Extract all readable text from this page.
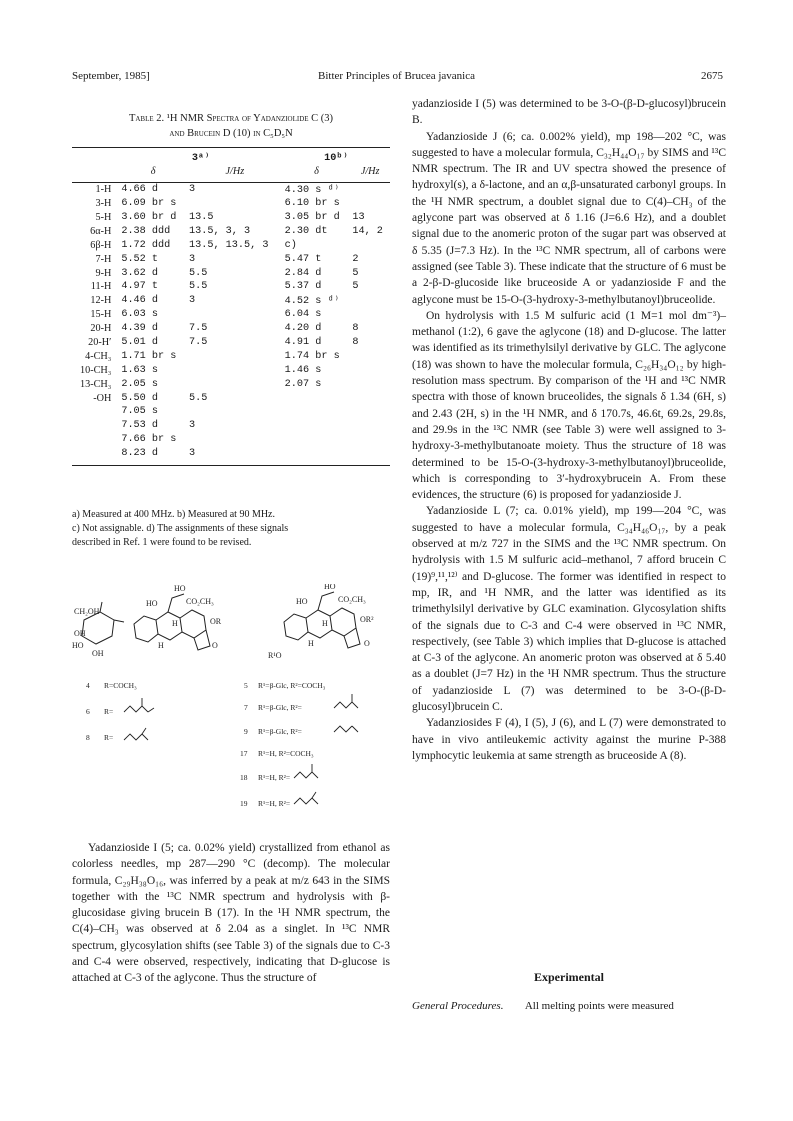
September, 1985]	Bitter Principles of Brucea javanica	2675
Table 2. ¹H NMR Spectra of Yadanziolide C (3)
and Brucein D (10) in C₅D₅N
	3ᵃ⁾		10ᵇ⁾	
	δ	J/Hz	δ	J/Hz
1-H	4.66 d	3	4.30 s ᵈ⁾	
3-H	6.09 br s		6.10 br s	
5-H	3.60 br d	13.5	3.05 br d	13
6α-H	2.38 ddd	13.5, 3, 3	2.30 dt	14, 2
6β-H	1.72 ddd	13.5, 13.5, 3	c)	
7-H	5.52 t	3	5.47 t	2
9-H	3.62 d	5.5	2.84 d	5
11-H	4.97 t	5.5	5.37 d	5
12-H	4.46 d	3	4.52 s ᵈ⁾	
15-H	6.03 s		6.04 s	
20-H	4.39 d	7.5	4.20 d	8
20-H′	5.01 d	7.5	4.91 d	8
4-CH₃	1.71 br s		1.74 br s	
10-CH₃	1.63 s		1.46 s	
13-CH₃	2.05 s		2.07 s	
-OH	5.50 d	5.5		
	7.05 s			
	7.53 d	3		
	7.66 br s			
	8.23 d	3		
a) Measured at 400 MHz. b) Measured at 90 MHz.
c) Not assignable. d) The assignments of these signals
described in Ref. 1 were found to be revised.
HO
HO	CO₂CH₃
CH₂OH
OH
HO
OH
OR
H
H	O
HO
HO	CO₂CH₃
OR²
R¹O
H
H	O
4 R=COCH₃
6 R=
8 R=
5 R¹=β-Glc, R²=COCH₃
7 R¹=β-Glc, R²=
9 R¹=β-Glc, R²=
17 R¹=H, R²=COCH₃
18 R¹=H, R²=
19 R¹=H, R²=
Yadanzioside I (5; ca. 0.02% yield) crystallized from ethanol as colorless needles, mp 287—290 °C (decomp). The molecular formula, C₂₉H₃₈O₁₆, was inferred by a peak at m/z 643 in the SIMS together with the ¹³C NMR spectrum and hydrolysis with β-glucosidase giving brucein B (17). In the ¹H NMR spectrum, the C(4)–CH₃ was observed at δ 2.04 as a singlet. In ¹³C NMR spectrum, glycosylation shifts (see Table 3) of the signals due to C-3 and C-4 were observed, respectively, indicating that D-glucose is attached at C-3 of the aglycone. Thus the structure of

yadanzioside I (5) was determined to be 3-O-(β-D-glucosyl)brucein B.

Yadanzioside J (6; ca. 0.002% yield), mp 198—202 °C, was suggested to have a molecular formula, C₃₂H₄₄O₁₇ by SIMS and ¹³C NMR spectrum. The IR and UV spectra showed the presence of hydroxyl(s), a δ-lactone, and an α,β-unsaturated carbonyl groups. In the ¹H NMR spectrum, a doublet signal due to C(4)–CH₃ of the aglycone part was observed at δ 1.16 (J=6.6 Hz), and a doublet signal due to the anomeric proton of the sugar part was observed at δ 5.35 (J=7.3 Hz). In the ¹³C NMR spectrum, all of carbons were assigned (see Table 3). These indicate that the structure of 6 must be a 2-β-D-glucoside like bruceoside A or yadanzioside F and the aglycone must be 15-O-(3-hydroxy-3-methylbutanoyl)bruceolide.

On hydrolysis with 1.5 M sulfuric acid (1 M=1 mol dm⁻³)–methanol (1:2), 6 gave the aglycone (18) and D-glucose. The latter was identified as its trimethylsilyl derivative by GLC. The aglycone (18) was shown to have the molecular formula, C₂₆H₃₄O₁₂ by high-resolution mass spectrum. By comparison of the ¹H and ¹³C NMR spectra with those of known bruceolides, the signals δ 1.34 (6H, s) and 2.43 (2H, s) in the ¹H NMR, and δ 170.7s, 46.6t, 69.2s, 29.8s, and 29.9s in the ¹³C NMR (see Table 3) were well assigned to 3-hydroxy-3-methylbutanoate moiety. Thus the structure of 18 was determined to be 15-O-(3-hydroxy-3-methylbutanoyl)bruceolide, which is corresponding to 3′-hydroxybrucein A. From these evidences, the structure (6) is proposed for yadanzioside J.

Yadanzioside L (7; ca. 0.01% yield), mp 199—204 °C, was suggested to have a molecular formula, C₃₄H₄₆O₁₇, by a peak observed at m/z 727 in the SIMS and the ¹³C NMR spectrum. On hydrolysis with 1.5 M sulfuric acid–methanol, 7 afford brucein C (19)⁹,¹¹,¹²⁾ and D-glucose. The former was identified in respect to mp, IR, and ¹H NMR, and the latter was identified as its trimethylsilyl derivative by GLC examination. Glycosylation shifts of the signals due to C-3 and C-4 were observed in ¹³C NMR, respectively, (see Table 3) which implies that D-glucose is attached at C-3 of the aglycone. An anomeric proton was observed at δ 5.40 as a doublet (J=7 Hz) in the ¹H NMR spectrum. Thus the structure of yadanzioside L (7) was determined to be 3-O-(β-D-glucosyl)brucein C.

Yadanziosides F (4), I (5), J (6), and L (7) were demonstrated to have in vivo antileukemic activity against the murine P-388 lymphocytic leukemia at same strength as bruceoside A (8).

Experimental
General Procedures. All melting points were measured
